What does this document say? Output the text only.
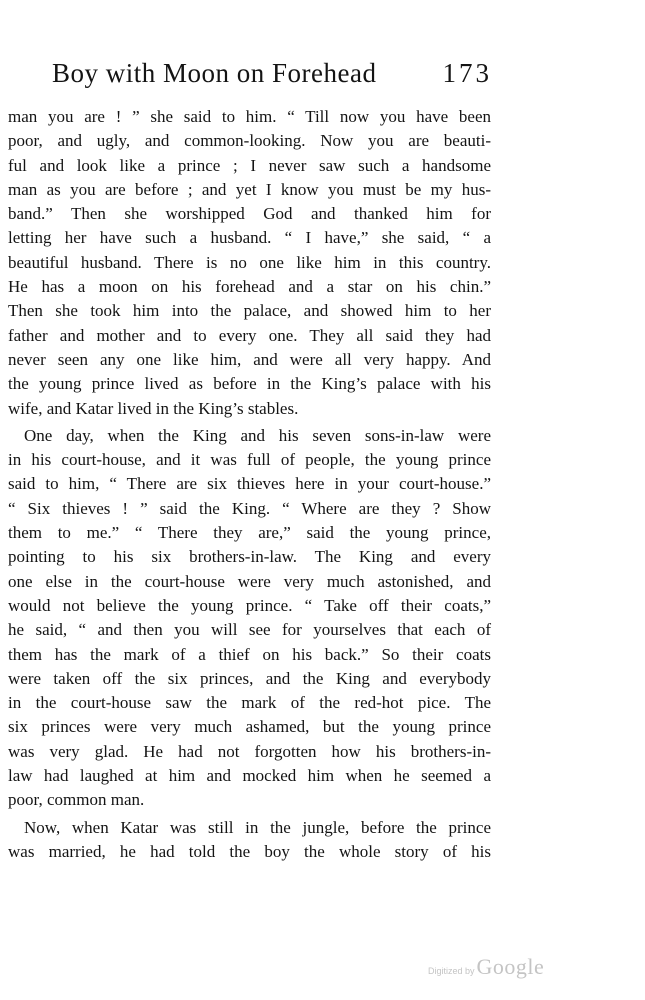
Boy with Moon on Forehead 173

man you are ! ” she said to him. “ Till now you have been
poor, and ugly, and common-looking. Now you are beauti-
ful and look like a prince ; I never saw such a handsome
man as you are before ; and yet I know you must be my hus-
band.” Then she worshipped God and thanked him for
letting her have such a husband. “ I have,” she said, “ a
beautiful husband. There is no one like him in this country.
He has a moon on his forehead and a star on his chin.”
Then she took him into the palace, and showed him to her
father and mother and to every one. They all said they had
never seen any one like him, and were all very happy. And
the young prince lived as before in the King’s palace with his
wife, and Katar lived in the King’s stables.

One day, when the King and his seven sons-in-law were
in his court-house, and it was full of people, the young prince
said to him, “ There are six thieves here in your court-house.”
“ Six thieves ! ” said the King. “ Where are they ? Show
them to me.” “ There they are,” said the young prince,
pointing to his six brothers-in-law. The King and every
one else in the court-house were very much astonished, and
would not believe the young prince. “ Take off their coats,”
he said, “ and then you will see for yourselves that each of
them has the mark of a thief on his back.” So their coats
were taken off the six princes, and the King and everybody
in the court-house saw the mark of the red-hot pice. The
six princes were very much ashamed, but the young prince
was very glad. He had not forgotten how his brothers-in-
law had laughed at him and mocked him when he seemed a
poor, common man.

Now, when Katar was still in the jungle, before the prince
was married, he had told the boy the whole story of his

Digitized by Google
